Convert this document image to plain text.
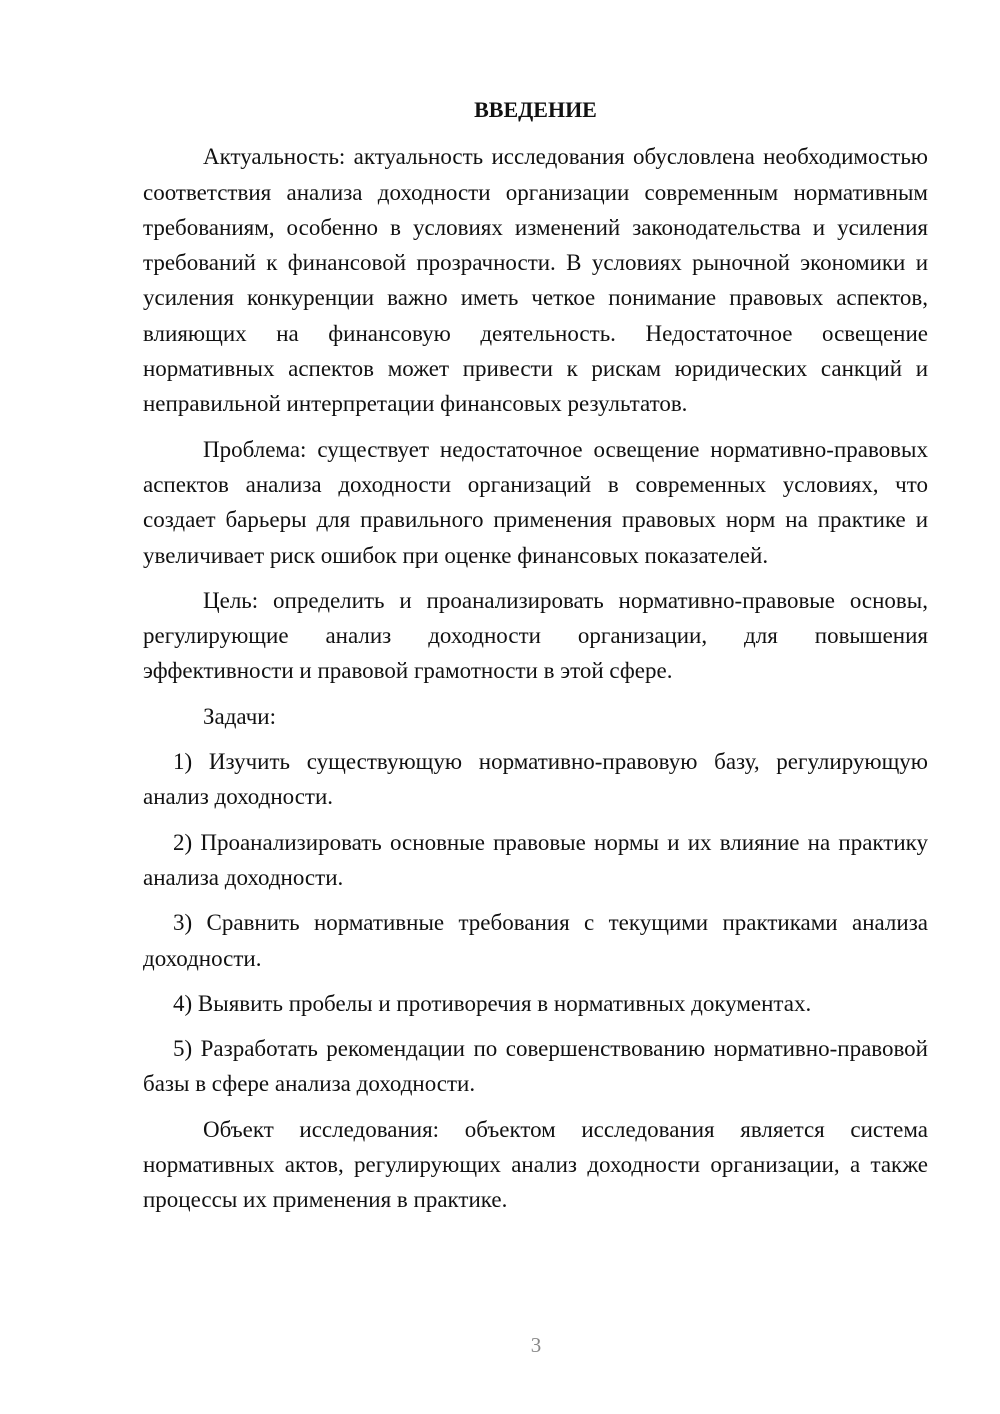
ВВЕДЕНИЕ

Актуальность: актуальность исследования обусловлена необходимостью соответствия анализа доходности организации современным нормативным требованиям, особенно в условиях изменений законодательства и усиления требований к финансовой прозрачности. В условиях рыночной экономики и усиления конкуренции важно иметь четкое понимание правовых аспектов, влияющих на финансовую деятельность. Недостаточное освещение нормативных аспектов может привести к рискам юридических санкций и неправильной интерпретации финансовых результатов.

Проблема: существует недостаточное освещение нормативно-правовых аспектов анализа доходности организаций в современных условиях, что создает барьеры для правильного применения правовых норм на практике и увеличивает риск ошибок при оценке финансовых показателей.

Цель: определить и проанализировать нормативно-правовые основы, регулирующие анализ доходности организации, для повышения эффективности и правовой грамотности в этой сфере.

Задачи:

1) Изучить существующую нормативно-правовую базу, регулирующую анализ доходности.

2) Проанализировать основные правовые нормы и их влияние на практику анализа доходности.

3) Сравнить нормативные требования с текущими практиками анализа доходности.

4) Выявить пробелы и противоречия в нормативных документах.

5) Разработать рекомендации по совершенствованию нормативно-правовой базы в сфере анализа доходности.

Объект исследования: объектом исследования является система нормативных актов, регулирующих анализ доходности организации, а также процессы их применения в практике.

3
